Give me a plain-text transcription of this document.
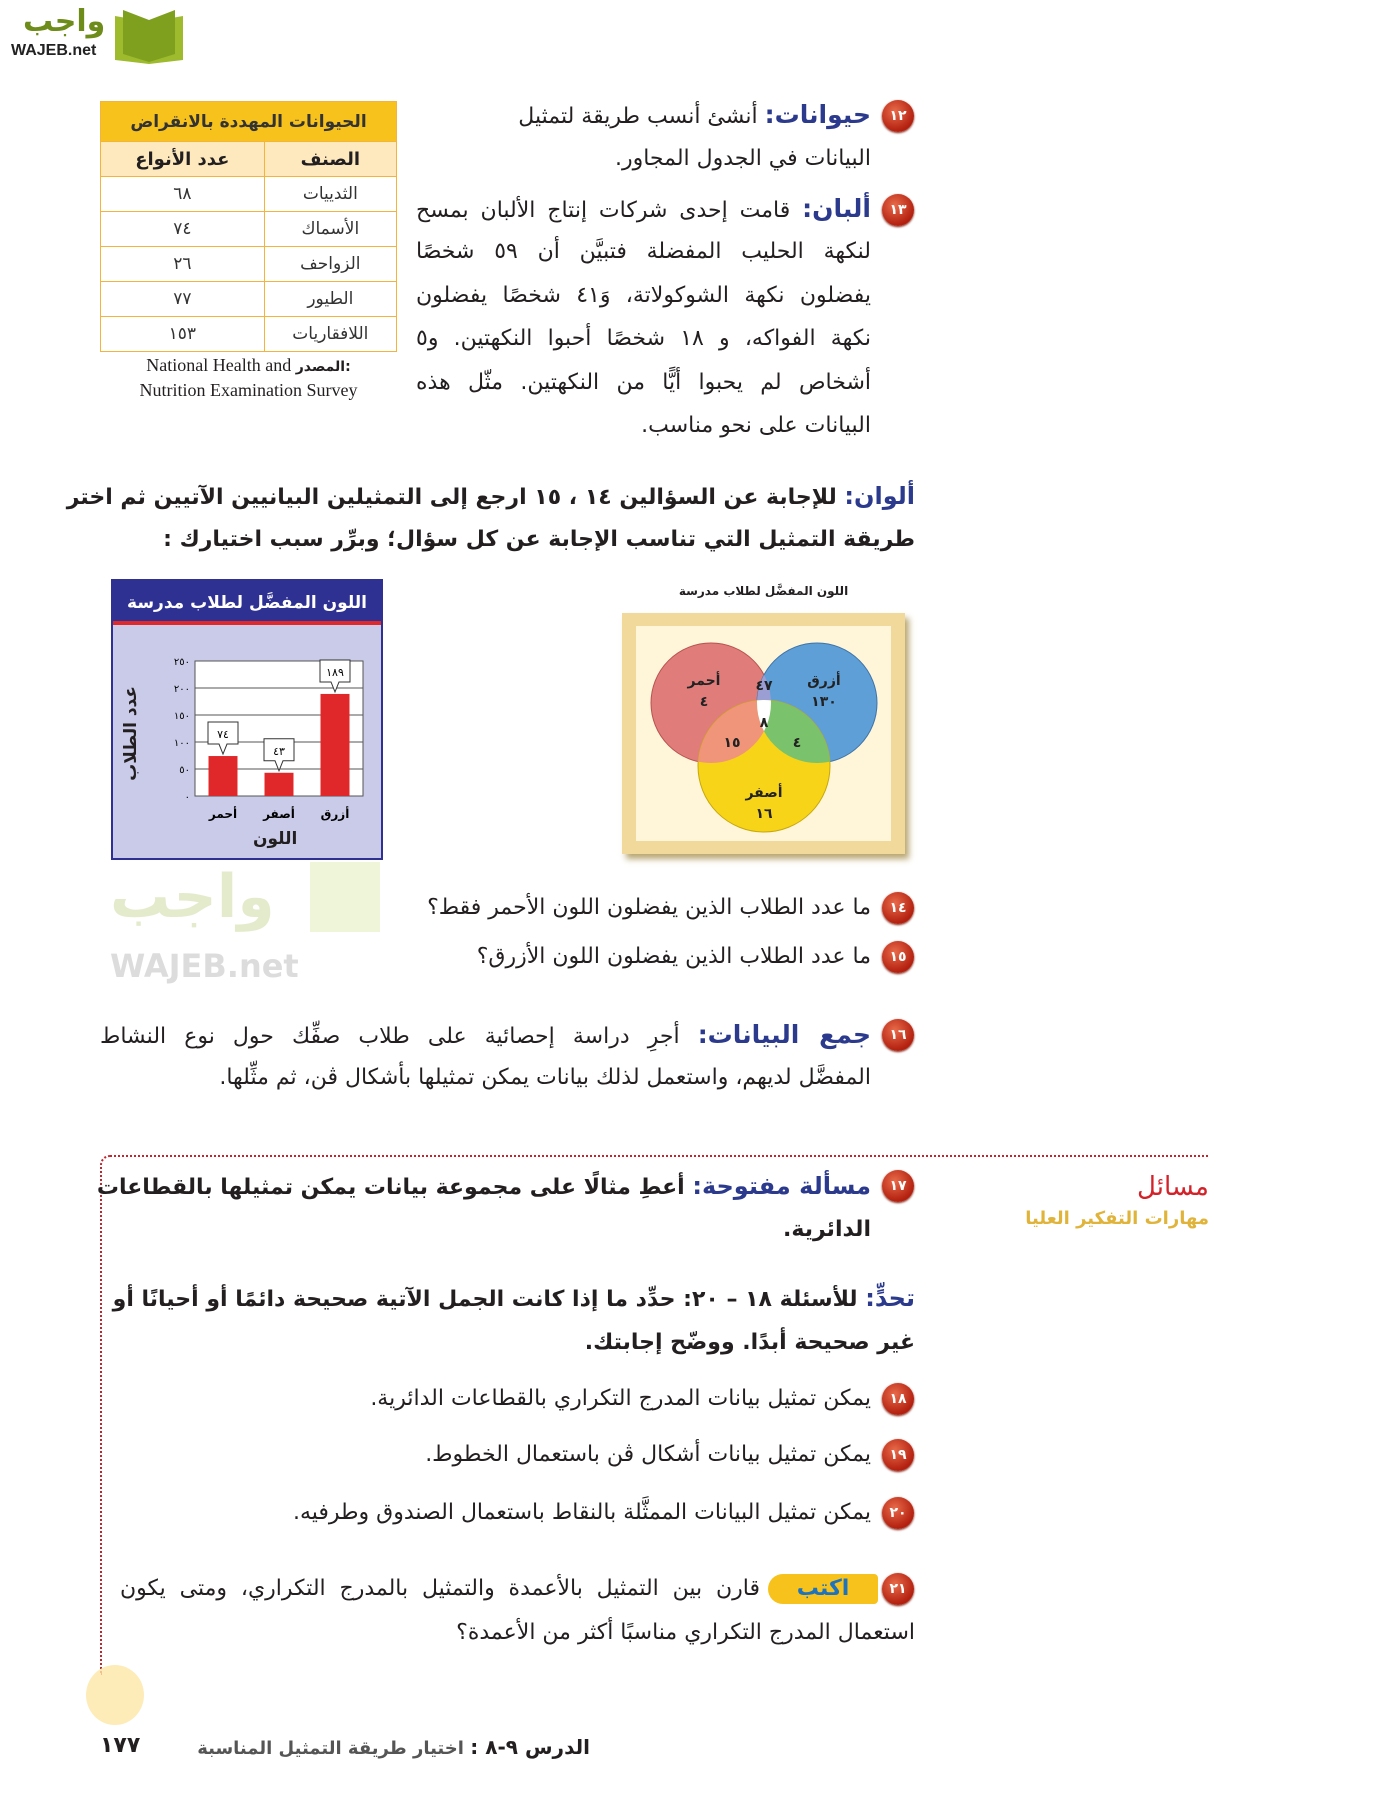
واجب
WAJEB.net
الحيوانات المهددة بالانقراض	
الصنف	عدد الأنواع
الثدييات	٦٨
الأسماك	٧٤
الزواحف	٢٦
الطيور	٧٧
اللافقاريات	١٥٣
National Health and المصدر:
Nutrition Examination Survey
١٢
حيوانات: أنشئ أنسب طريقة لتمثيل
البيانات في الجدول المجاور.
١٣
ألبان: قامت إحدى شركات إنتاج الألبان بمسح
لنكهة الحليب المفضلة فتبيَّن أن ٥٩ شخصًا
يفضلون نكهة الشوكولاتة، وَ٤١ شخصًا يفضلون
نكهة الفواكه، و ١٨ شخصًا أحبوا النكهتين. و٥
أشخاص لم يحبوا أيًّا من النكهتين. مثّل هذه
البيانات على نحو مناسب.
ألوان: للإجابة عن السؤالين ١٤ ، ١٥ ارجع إلى التمثيلين البيانيين الآتيين ثم اختر
طريقة التمثيل التي تناسب الإجابة عن كل سؤال؛ وبرِّر سبب اختيارك :
اللون المفضَّل لطلاب مدرسة
عدد الطلاب
٠
٥٠
١٠٠
١٥٠
٢٠٠
٢٥٠
٧٤
أحمر
٤٣
أصفر
١٨٩
أزرق
اللون
اللون المفضَّل لطلاب مدرسة
أحمر
٤
أزرق
١٣٠
٤٧
٨
١٥	٤
أصفر
١٦
واجب
WAJEB.net
١٤
ما عدد الطلاب الذين يفضلون اللون الأحمر فقط؟
١٥
ما عدد الطلاب الذين يفضلون اللون الأزرق؟
١٦
جمع البيانات: أجرِ دراسة إحصائية على طلاب صفِّك حول نوع النشاط
المفضَّل لديهم، واستعمل لذلك بيانات يمكن تمثيلها بأشكال ڤن، ثم مثِّلها.
مسائل
مهارات التفكير العليا
١٧
مسألة مفتوحة: أعطِ مثالًا على مجموعة بيانات يمكن تمثيلها بالقطاعات
الدائرية.
تحدٍّ: للأسئلة ١٨ – ٢٠: حدِّد ما إذا كانت الجمل الآتية صحيحة دائمًا أو أحيانًا أو
غير صحيحة أبدًا. ووضّح إجابتك.
١٨
يمكن تمثيل بيانات المدرج التكراري بالقطاعات الدائرية.
١٩
يمكن تمثيل بيانات أشكال ڤن باستعمال الخطوط.
٢٠
يمكن تمثيل البيانات الممثَّلة بالنقاط باستعمال الصندوق وطرفيه.
٢١
اكتب
قارن بين التمثيل بالأعمدة والتمثيل بالمدرج التكراري، ومتى يكون
استعمال المدرج التكراري مناسبًا أكثر من الأعمدة؟
الدرس ٩-٨ : اختيار طريقة التمثيل المناسبة
١٧٧
